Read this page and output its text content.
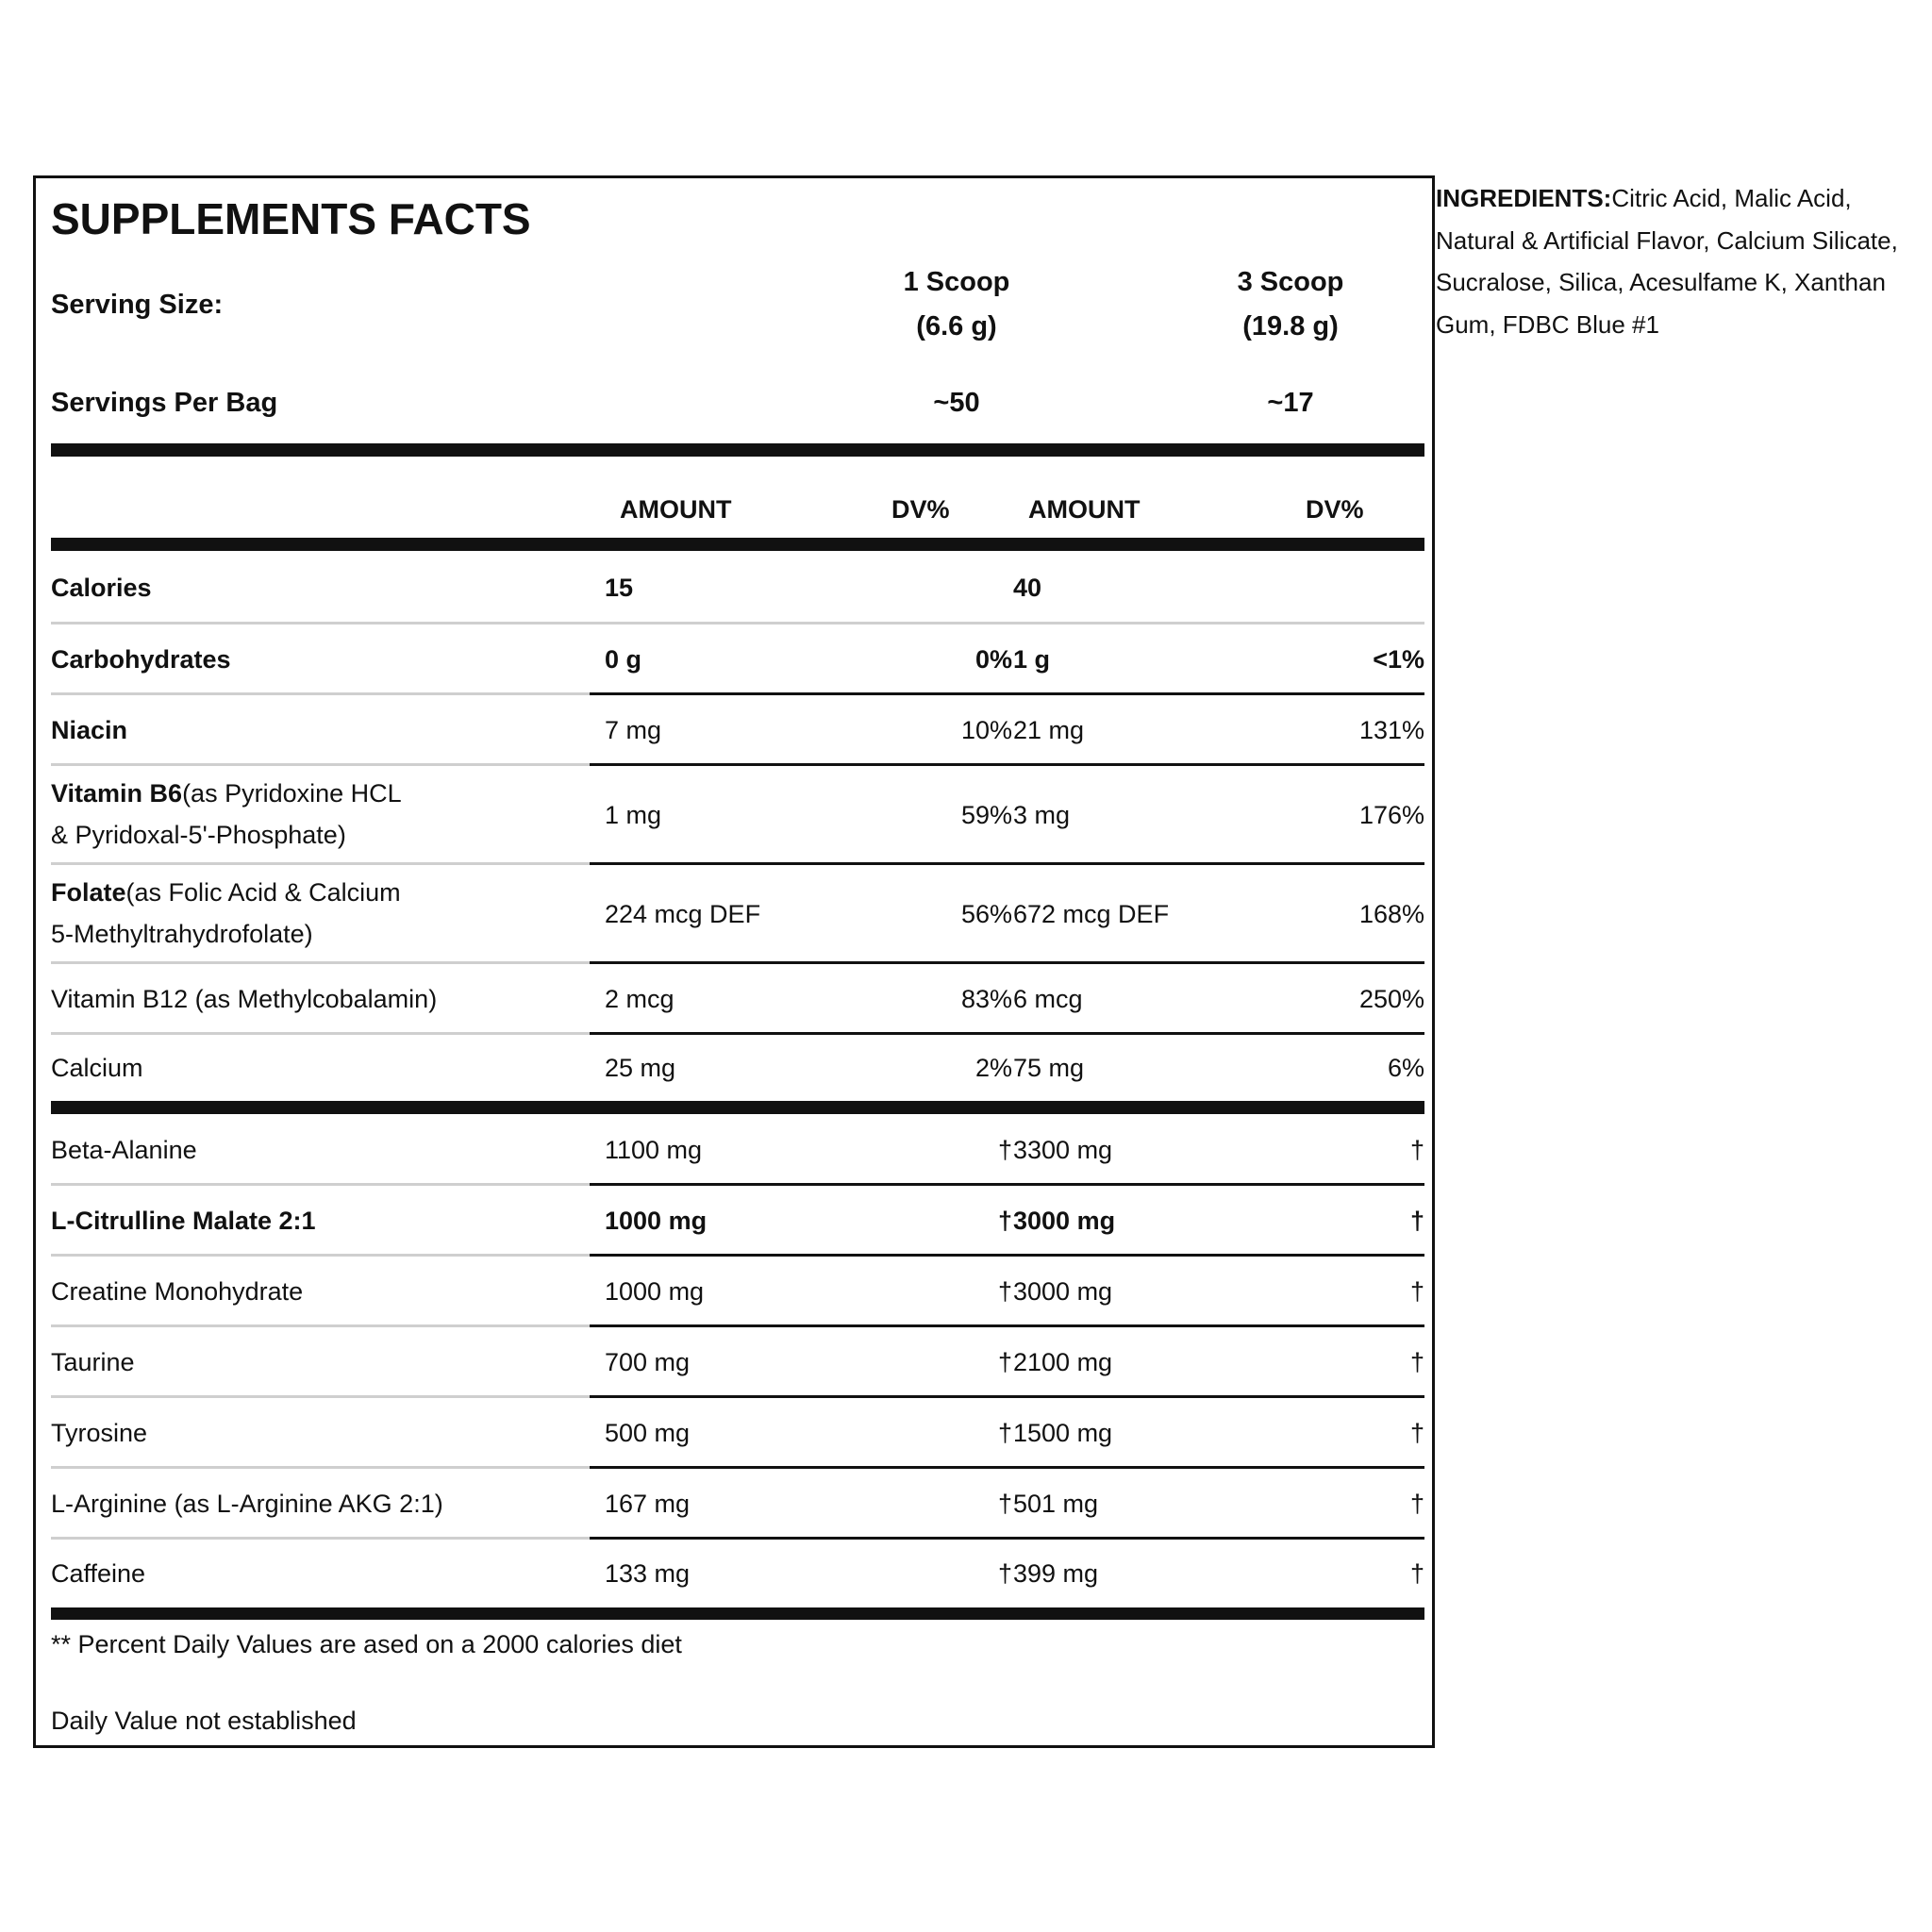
SUPPLEMENTS FACTS
Serving Size:
1 Scoop
(6.6 g)
3 Scoop
(19.8 g)
Servings Per Bag	~50	~17
AMOUNT	DV%	AMOUNT	DV%
Calories	15	40
Carbohydrates	0 g	0% 1 g	<1%
Niacin	7 mg	10% 21 mg	131%
Vitamin B6(as Pyridoxine HCL
& Pyridoxal-5'-Phosphate)
1 mg	59% 3 mg	176%
Folate(as Folic Acid & Calcium
5-Methyltrahydrofolate)
224 mcg DEF	56% 672 mcg DEF	168%
Vitamin B12 (as Methylcobalamin)	2 mcg	83% 6 mcg	250%
Calcium	25 mg	2% 75 mg	6%
Beta-Alanine	1100 mg	† 3300 mg	†
L-Citrulline Malate 2:1	1000 mg	† 3000 mg	†
Creatine Monohydrate	1000 mg	† 3000 mg	†
Taurine	700 mg	† 2100 mg	†
Tyrosine	500 mg	† 1500 mg	†
L-Arginine (as L-Arginine AKG 2:1)	167 mg	† 501 mg	†
Caffeine	133 mg	† 399 mg	†
** Percent Daily Values are ased on a 2000 calories diet
Daily Value not established
INGREDIENTS:Citric Acid, Malic Acid, Natural & Artificial Flavor, Calcium Silicate, Sucralose, Silica, Acesulfame K, Xanthan Gum, FDBC Blue #1
